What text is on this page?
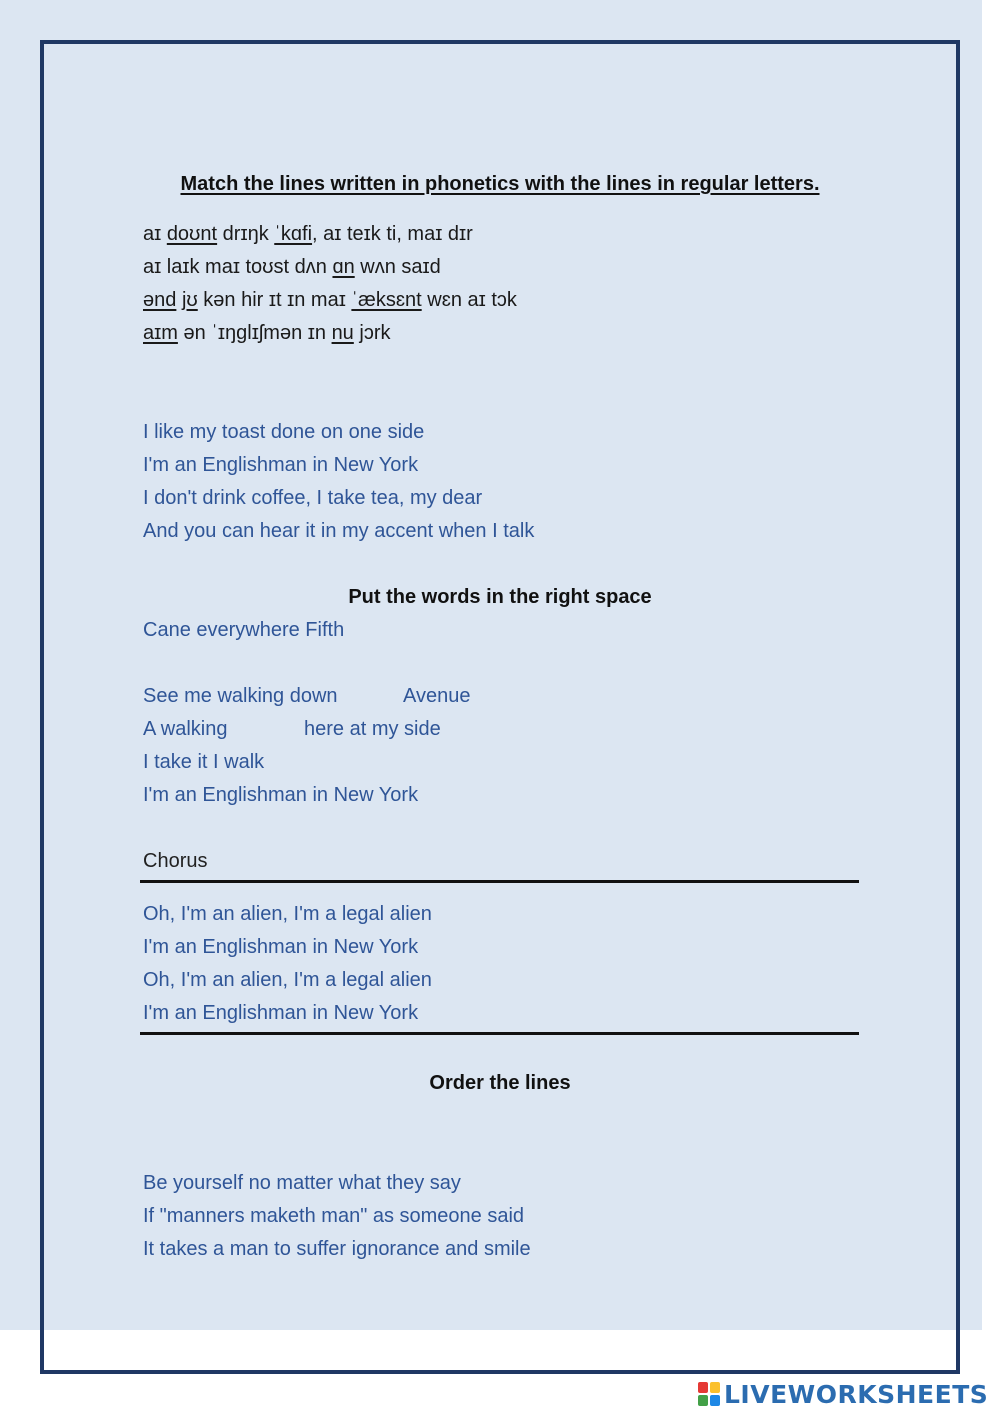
Match the lines written in phonetics with the lines in regular letters.
aɪ doʊnt drɪŋk ˈkɑfi, aɪ teɪk ti, maɪ dɪr
aɪ laɪk maɪ toʊst dʌn ɑn wʌn saɪd
ənd jʊ kən hir ɪt ɪn maɪ ˈæksɛnt wɛn aɪ tɔk
aɪm ən ˈɪŋglɪʃmən ɪn nu jɔrk
I like my toast done on one side
I'm an Englishman in New York
I don't drink coffee, I take tea, my dear
And you can hear it in my accent when I talk
Put the words in the right space
Cane everywhere Fifth
See me walking down	Avenue
A walking	here at my side
I take it I walk
I'm an Englishman in New York
Chorus
Oh, I'm an alien, I'm a legal alien
I'm an Englishman in New York
Oh, I'm an alien, I'm a legal alien
I'm an Englishman in New York
Order the lines
Be yourself no matter what they say
If "manners maketh man" as someone said
It takes a man to suffer ignorance and smile
LIVEWORKSHEETS
